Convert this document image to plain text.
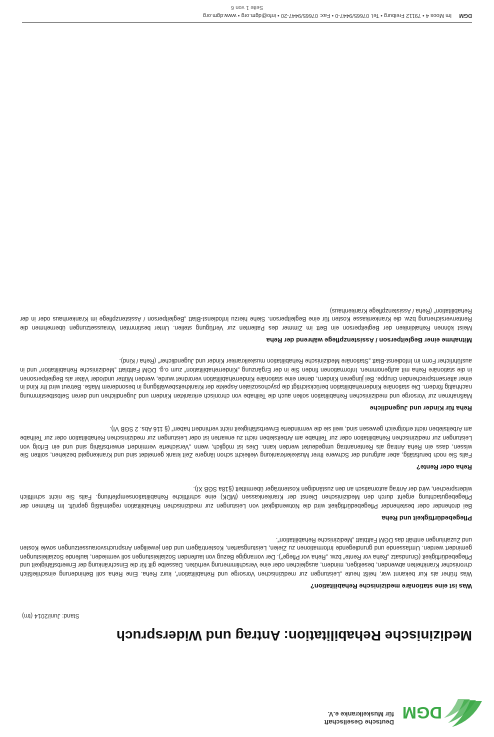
DGM
Deutsche Gesellschaft
für Muskelkranke e.V.
Medizinische Rehabilitation: Antrag und Widerspruch
Stand: Juni/2014 (tm)
Was ist eine stationäre medizinische Rehabilitation?
Was früher als Kur bekannt war, heißt heute „Leistungen zur medizinischen Vorsorge und Rehabilitation“, kurz Reha. Eine Reha soll Behinderung einschließlich chronischer Krankheiten abwenden, beseitigen, mindern, ausgleichen oder eine Verschlimmerung verhüten. Dasselbe gilt für die Einschränkung der Erwerbsfähigkeit und Pflegebedürftigkeit (Grundsatz „Reha vor Rente“ bzw. „Reha vor Pflege“). Der vorrangige Bezug von laufenden Sozialleistungen soll vermieden, laufende Sozialleistungen gemindert werden. Umfassende und grundlegende Informationen zu Zielen, Leistungsarten, Kostenträgern und den jeweiligen Anspruchsvoraussetzungen sowie Kosten und Zuzahlungen enthält das DGM Faltblatt „Medizinische Rehabilitation“.
Pflegebedürftigkeit und Reha
Bei drohender oder bestehender Pflegebedürftigkeit wird die Notwendigkeit von Leistungen zur medizinischen Rehabilitation regelmäßig geprüft. Im Rahmen der Pflegebegutachtung ergeht durch den Medizinischen Dienst der Krankenkassen (MDK) eine schriftliche Rehabilitationsempfehlung. Falls Sie nicht schriftlich widersprechen, wird der Antrag automatisch an den zuständigen Kostenträger übermittelt (§18a SGB XI).
Reha oder Rente?
Falls Sie noch berufstätig, aber aufgrund der Schwere Ihrer Muskelerkrankung vielleicht schon längere Zeit krank gemeldet sind und Krankengeld beziehen, sollten Sie wissen, dass ein Reha Antrag als Rentenantrag umgedeutet werden kann. Dies ist möglich, wenn „Versicherte vermindert erwerbsfähig sind und ein Erfolg von Leistungen zur medizinischen Rehabilitation oder zur Teilhabe am Arbeitsleben nicht zu erwarten ist oder Leistungen zur medizinischen Rehabilitation oder zur Teilhabe am Arbeitsleben nicht erfolgreich gewesen sind, weil sie die verminderte Erwerbsfähigkeit nicht verhindert haben“ (§ 116 Abs. 2 SGB VI).
Reha für Kinder und Jugendliche
Maßnahmen zur Vorsorge und medizinischen Rehabilitation sollen auch die Teilhabe von chronisch erkrankten Kindern und Jugendlichen und deren Selbstbestimmung nachhaltig fördern. Die stationäre Kinderrehabilitation berücksichtigt die psychosozialen Aspekte der Krankheitsbewältigung in besonderem Maße. Betreut wird Ihr Kind in einer altersentsprechenden Gruppe. Bei jüngeren Kindern, denen eine stationäre Kinderrehabilitation verordnet wurde, werden Mütter und/oder Väter als Begleitpersonen in die stationäre Reha mit aufgenommen. Informationen finden Sie in der Ergänzung „Kinderrehabilitation“ zum o.g. DGM Faltblatt „Medizinische Rehabilitation“ und in ausführlicher Form im Infodienst-Blatt „Stationäre Medizinische Rehabilitation muskelkranker Kinder und Jugendlicher“ (Reha / Kind).
Mitnahme einer Begleitperson / Assistenzpflege während der Reha
Meist können Rehakliniken der Begleitperson ein Bett im Zimmer des Patienten zur Verfügung stellen. Unter bestimmten Voraussetzungen übernehmen die Rentenversicherung bzw. die Krankenkasse Kosten für eine Begleitperson. Siehe hierzu Infodienst-Blatt „Begleitperson / Assistenzpflege im Krankenhaus oder in der Rehabilitation“ (Reha / Assistenzpflege Krankenhaus)
DGM Im Moos 4 • 79112 Freiburg • Tel. 07665/9447-0 • Fax: 07665/9447-20 • info@dgm.org • www.dgm.org
Seite 1 von 6
